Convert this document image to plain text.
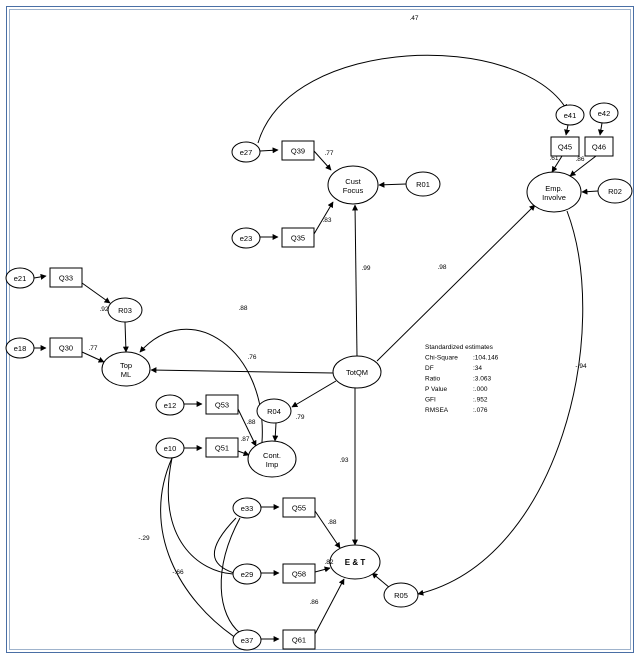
TotQM
Cust
Focus	Emp.
Involve
Top
ML
Cont.
Imp
E & T
R01
R02
R03
R04
R05
e27
e23
e21
e18
e12
e10
e33
e29
e37
e41	e42
Q39
Q35
Q33
Q30
Q53
Q51
Q55
Q58
Q61
Q45	Q46
.47
.77
.83
.99	.98
.92	.88
.77
.76
.79
.88
.87
.93
.88
.82
.86
-.29
-.66
-.94
.61	.86
Standardized estimates
Chi-Square :104.146
DF	:34
Ratio	:3.063
P Value	:.000
GFI	:.952
RMSEA	:.076
